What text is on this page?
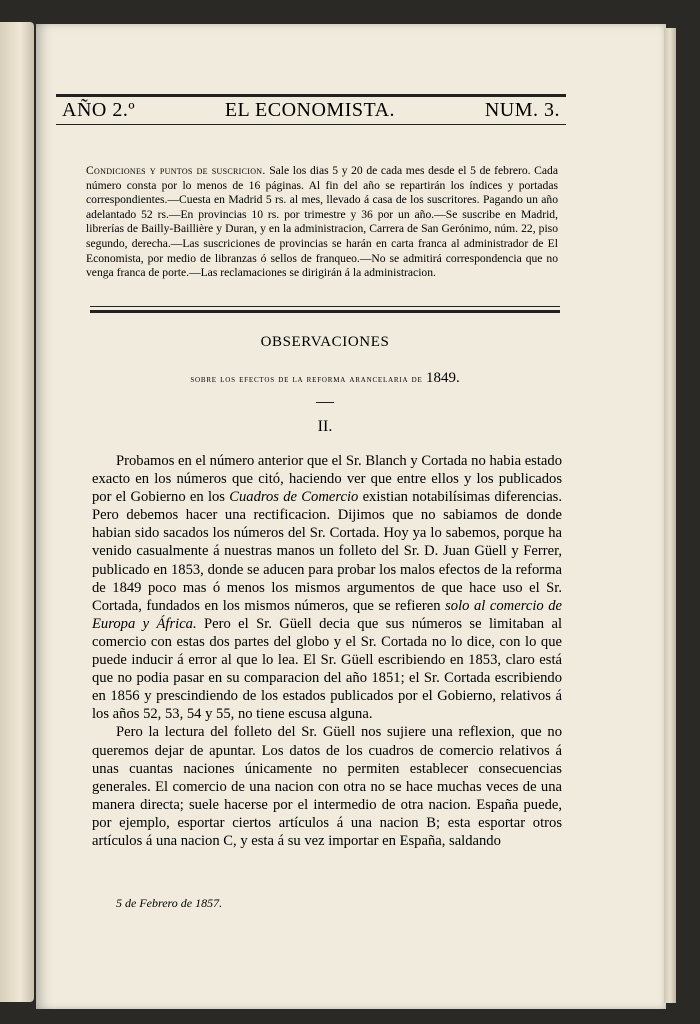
AÑO 2.º	EL ECONOMISTA.	NUM. 3.
Condiciones y puntos de suscricion. Sale los dias 5 y 20 de cada mes desde el 5 de febrero. Cada número consta por lo menos de 16 páginas. Al fin del año se repartirán los índices y portadas correspondientes.—Cuesta en Madrid 5 rs. al mes, llevado á casa de los suscritores. Pagando un año adelantado 52 rs.—En provincias 10 rs. por trimestre y 36 por un año.—Se suscribe en Madrid, librerías de Bailly-Baillière y Duran, y en la administracion, Carrera de San Gerónimo, núm. 22, piso segundo, derecha.—Las suscriciones de provincias se harán en carta franca al administrador de El Economista, por medio de libranzas ó sellos de franqueo.—No se admitirá correspondencia que no venga franca de porte.—Las reclamaciones se dirigirán á la administracion.
OBSERVACIONES
sobre los efectos de la reforma arancelaria de 1849.
II.

Probamos en el número anterior que el Sr. Blanch y Cortada no habia estado exacto en los números que citó, haciendo ver que entre ellos y los publicados por el Gobierno en los Cuadros de Comercio existian notabilísimas diferencias. Pero debemos hacer una rectificacion. Dijimos que no sabiamos de donde habian sido sacados los números del Sr. Cortada. Hoy ya lo sabemos, porque ha venido casualmente á nuestras manos un folleto del Sr. D. Juan Güell y Ferrer, publicado en 1853, donde se aducen para probar los malos efectos de la reforma de 1849 poco mas ó menos los mismos argumentos de que hace uso el Sr. Cortada, fundados en los mismos números, que se refieren solo al comercio de Europa y África. Pero el Sr. Güell decia que sus números se limitaban al comercio con estas dos partes del globo y el Sr. Cortada no lo dice, con lo que puede inducir á error al que lo lea. El Sr. Güell escribiendo en 1853, claro está que no podia pasar en su comparacion del año 1851; el Sr. Cortada escribiendo en 1856 y prescindiendo de los estados publicados por el Gobierno, relativos á los años 52, 53, 54 y 55, no tiene escusa alguna.

Pero la lectura del folleto del Sr. Güell nos sujiere una reflexion, que no queremos dejar de apuntar. Los datos de los cuadros de comercio relativos á unas cuantas naciones únicamente no permiten establecer consecuencias generales. El comercio de una nacion con otra no se hace muchas veces de una manera directa; suele hacerse por el intermedio de otra nacion. España puede, por ejemplo, esportar ciertos artículos á una nacion B; esta esportar otros artículos á una nacion C, y esta á su vez importar en España, saldando

5 de Febrero de 1857.
